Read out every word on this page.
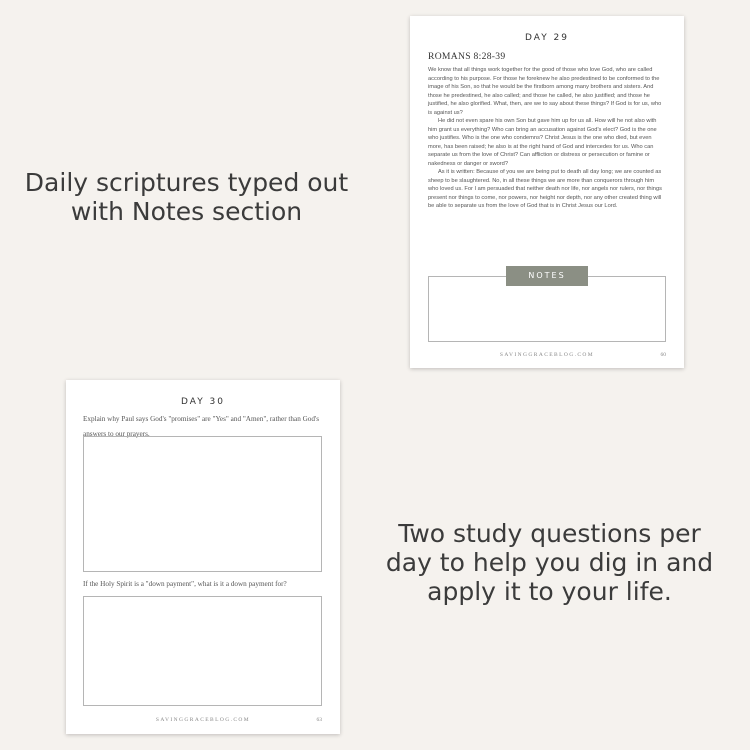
Daily scriptures typed out with Notes section
Two study questions per day to help you dig in and apply it to your life.
DAY 29
ROMANS 8:28-39

We know that all things work together for the good of those who love God, who are called according to his purpose. For those he foreknew he also predestined to be conformed to the image of his Son, so that he would be the firstborn among many brothers and sisters. And those he predestined, he also called; and those he called, he also justified; and those he justified, he also glorified. What, then, are we to say about these things? If God is for us, who is against us?

He did not even spare his own Son but gave him up for us all. How will he not also with him grant us everything? Who can bring an accusation against God's elect? God is the one who justifies. Who is the one who condemns? Christ Jesus is the one who died, but even more, has been raised; he also is at the right hand of God and intercedes for us. Who can separate us from the love of Christ? Can affliction or distress or persecution or famine or nakedness or danger or sword?

As it is written: Because of you we are being put to death all day long; we are counted as sheep to be slaughtered. No, in all these things we are more than conquerors through him who loved us. For I am persuaded that neither death nor life, nor angels nor rulers, nor things present nor things to come, nor powers, nor height nor depth, nor any other created thing will be able to separate us from the love of God that is in Christ Jesus our Lord.

NOTES
SAVINGGRACEBLOG.COM	60
DAY 30
Explain why Paul says God's "promises" are "Yes" and "Amen", rather than God's answers to our prayers.
If the Holy Spirit is a "down payment", what is it a down payment for?
SAVINGGRACEBLOG.COM	63
